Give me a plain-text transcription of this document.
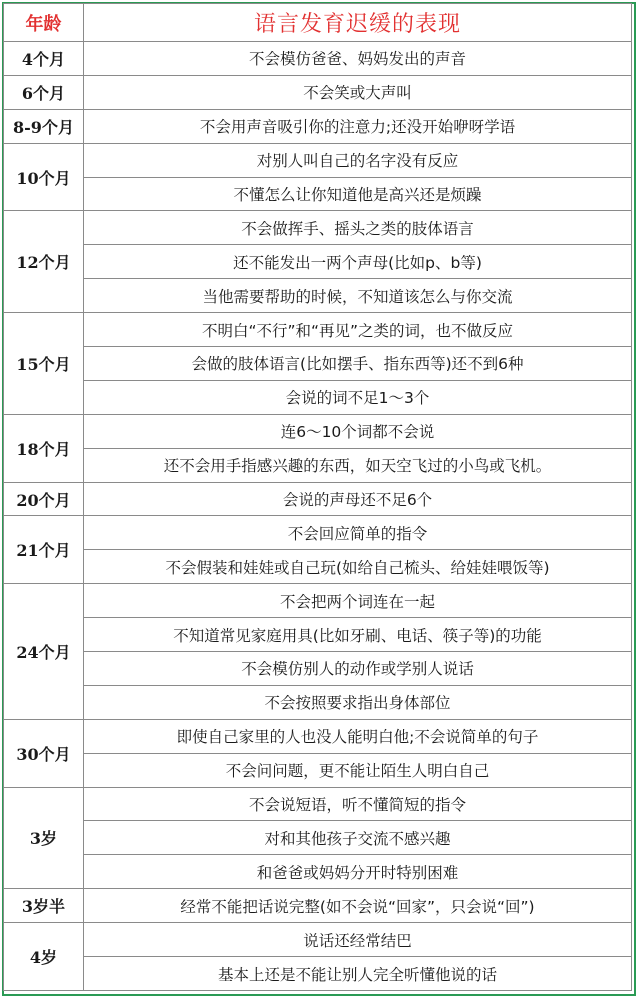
年龄	语言发育迟缓的表现
4个月	不会模仿爸爸、妈妈发出的声音
6个月	不会笑或大声叫
8-9个月	不会用声音吸引你的注意力;还没开始咿呀学语
10个月	对别人叫自己的名字没有反应
	不懂怎么让你知道他是高兴还是烦躁
12个月	不会做挥手、摇头之类的肢体语言
	还不能发出一两个声母(比如p、b等)
	当他需要帮助的时候，不知道该怎么与你交流
15个月	不明白“不行”和“再见”之类的词，也不做反应
	会做的肢体语言(比如摆手、指东西等)还不到6种
	会说的词不足1～3个
18个月	连6～10个词都不会说
	还不会用手指感兴趣的东西，如天空飞过的小鸟或飞机。
20个月	会说的声母还不足6个
21个月	不会回应简单的指令
	不会假装和娃娃或自己玩(如给自己梳头、给娃娃喂饭等)
24个月	不会把两个词连在一起
	不知道常见家庭用具(比如牙刷、电话、筷子等)的功能
	不会模仿别人的动作或学别人说话
	不会按照要求指出身体部位
30个月	即使自己家里的人也没人能明白他;不会说简单的句子
	不会问问题，更不能让陌生人明白自己
3岁	不会说短语，听不懂简短的指令
	对和其他孩子交流不感兴趣
	和爸爸或妈妈分开时特别困难
3岁半	经常不能把话说完整(如不会说“回家”，只会说“回”)
4岁	说话还经常结巴
	基本上还是不能让别人完全听懂他说的话
